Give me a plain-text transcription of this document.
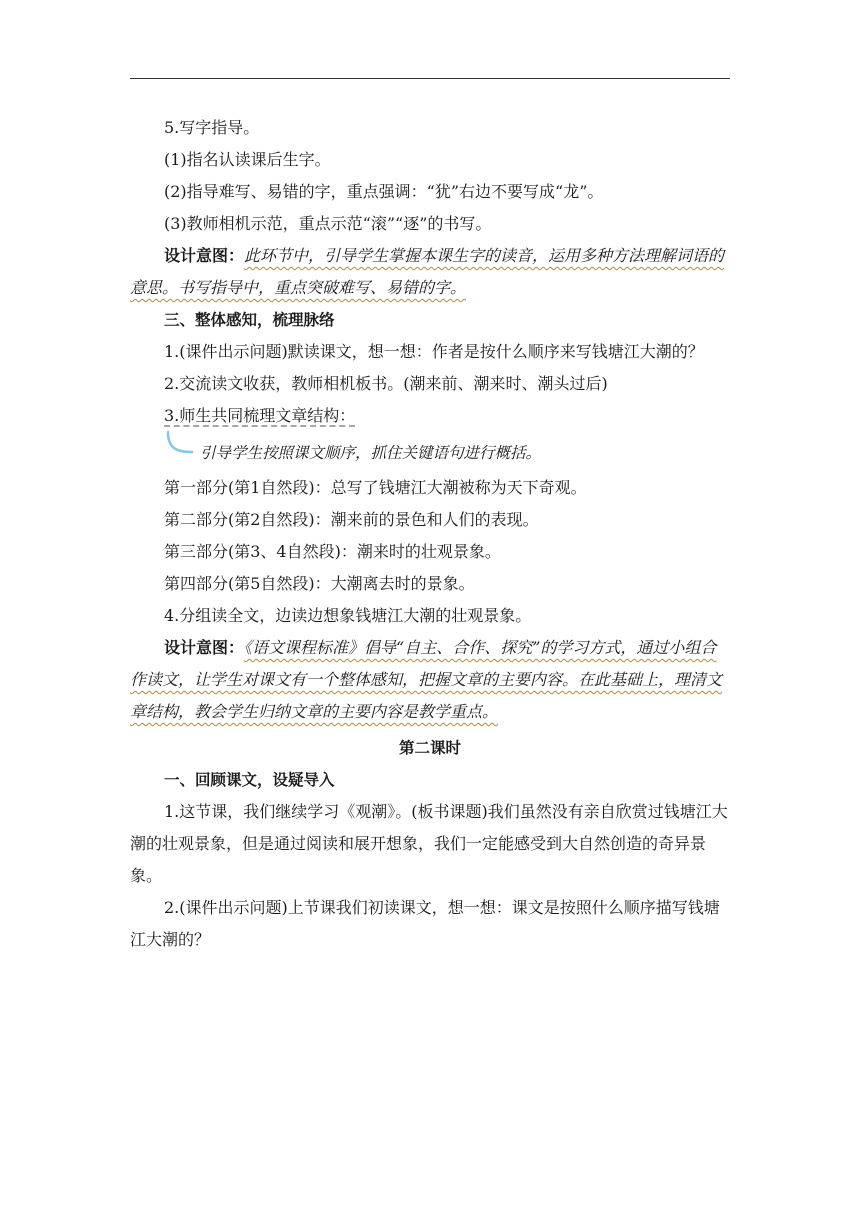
5.写字指导。

(1)指名认读课后生字。

(2)指导难写、易错的字，重点强调：“犹”右边不要写成“龙”。

(3)教师相机示范，重点示范“滚”“逐”的书写。

设计意图：此环节中，引导学生掌握本课生字的读音，运用多种方法理解词语的意思。书写指导中，重点突破难写、易错的字。

三、整体感知，梳理脉络

1.(课件出示问题)默读课文，想一想：作者是按什么顺序来写钱塘江大潮的？

2.交流读文收获，教师相机板书。(潮来前、潮来时、潮头过后)

3.师生共同梳理文章结构：

引导学生按照课文顺序，抓住关键语句进行概括。

第一部分(第1自然段)：总写了钱塘江大潮被称为天下奇观。

第二部分(第2自然段)：潮来前的景色和人们的表现。

第三部分(第3、4自然段)：潮来时的壮观景象。

第四部分(第5自然段)：大潮离去时的景象。

4.分组读全文，边读边想象钱塘江大潮的壮观景象。

设计意图：《语文课程标准》倡导“自主、合作、探究”的学习方式，通过小组合作读文，让学生对课文有一个整体感知，把握文章的主要内容。在此基础上，理清文章结构，教会学生归纳文章的主要内容是教学重点。

第二课时

一、回顾课文，设疑导入

1.这节课，我们继续学习《观潮》。(板书课题)我们虽然没有亲自欣赏过钱塘江大潮的壮观景象，但是通过阅读和展开想象，我们一定能感受到大自然创造的奇异景象。

2.(课件出示问题)上节课我们初读课文，想一想：课文是按照什么顺序描写钱塘江大潮的？
